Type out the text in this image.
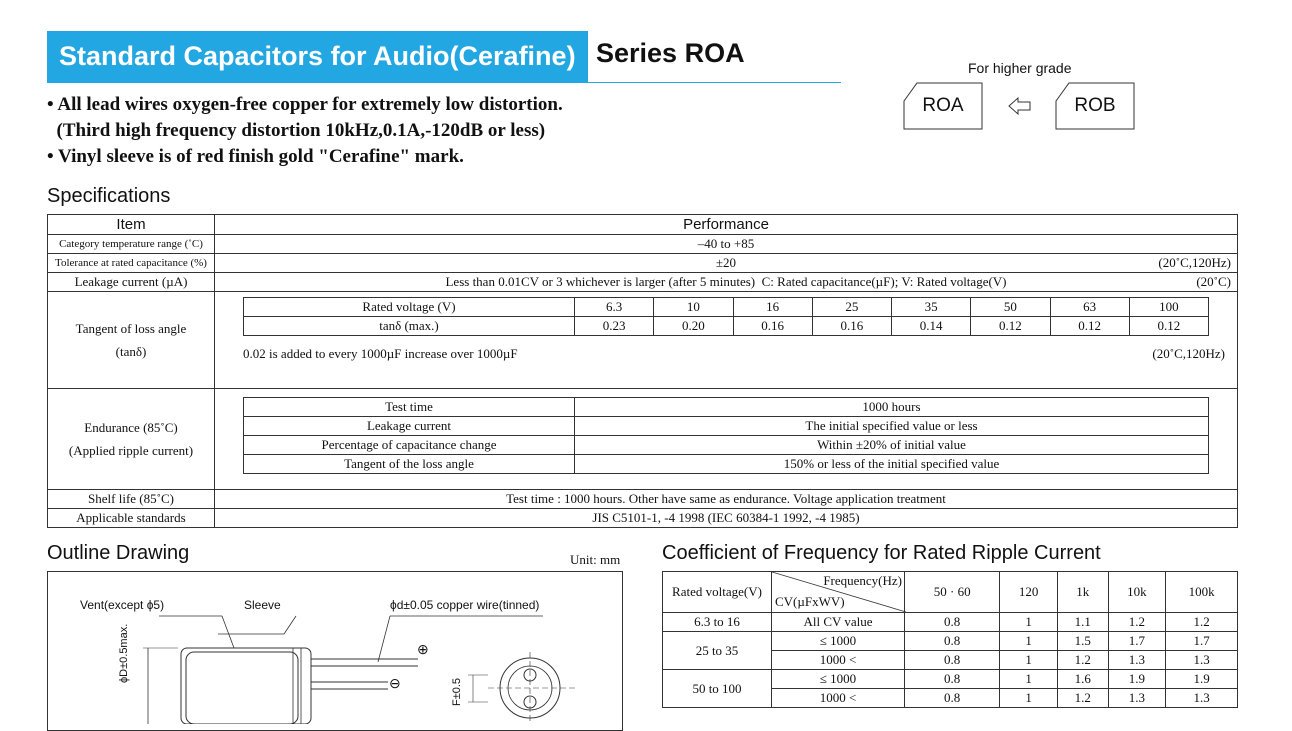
Standard Capacitors for Audio(Cerafine) Series ROA
• All lead wires oxygen-free copper for extremely low distortion.
(Third high frequency distortion 10kHz,0.1A,-120dB or less)
• Vinyl sleeve is of red finish gold "Cerafine" mark.
For higher grade
ROA	ROB
Specifications
Item	Performance
Category temperature range (˚C)	–40 to +85
Tolerance at rated capacitance (%)	±20	(20˚C,120Hz)

Leakage current (µA)	Less than 0.01CV or 3 whichever is larger (after 5 minutes)  C: Rated capacitance(µF); V: Rated voltage(V)	(20˚C)

Tangent of loss angle
(tanδ)

Rated voltage (V)	6.3	10	16	25	35	50	63	100
tanδ (max.)	0.23	0.20	0.16	0.16	0.14	0.12	0.12	0.12
0.02 is added to every 1000µF increase over 1000µF	(20˚C,120Hz)

Endurance (85˚C)
(Applied ripple current)

Test time	1000 hours
Leakage current	The initial specified value or less
Percentage of capacitance change	Within ±20% of initial value
Tangent of the loss angle	150% or less of the initial specified value

Shelf life (85˚C)	Test time : 1000 hours. Other have same as endurance. Voltage application treatment
Applicable standards	JIS C5101-1, -4 1998 (IEC 60384-1 1992, -4 1985)
Outline Drawing	Unit: mm
Vent(except ϕ5)	Sleeve	ϕd±0.05 copper wire(tinned)
⊕
⊖
ϕD±0.5max.
F±0.5
Coefficient of Frequency for Rated Ripple Current
Rated voltage(V)	Frequency(Hz)
CV(µFxWV)	50 · 60	120	1k	10k	100k

6.3 to 16	All CV value	0.8	1	1.1	1.2	1.2
25 to 35	≤ 1000	0.8	1	1.5	1.7	1.7
	1000 <	0.8	1	1.2	1.3	1.3
50 to 100	≤ 1000	0.8	1	1.6	1.9	1.9
	1000 <	0.8	1	1.2	1.3	1.3
